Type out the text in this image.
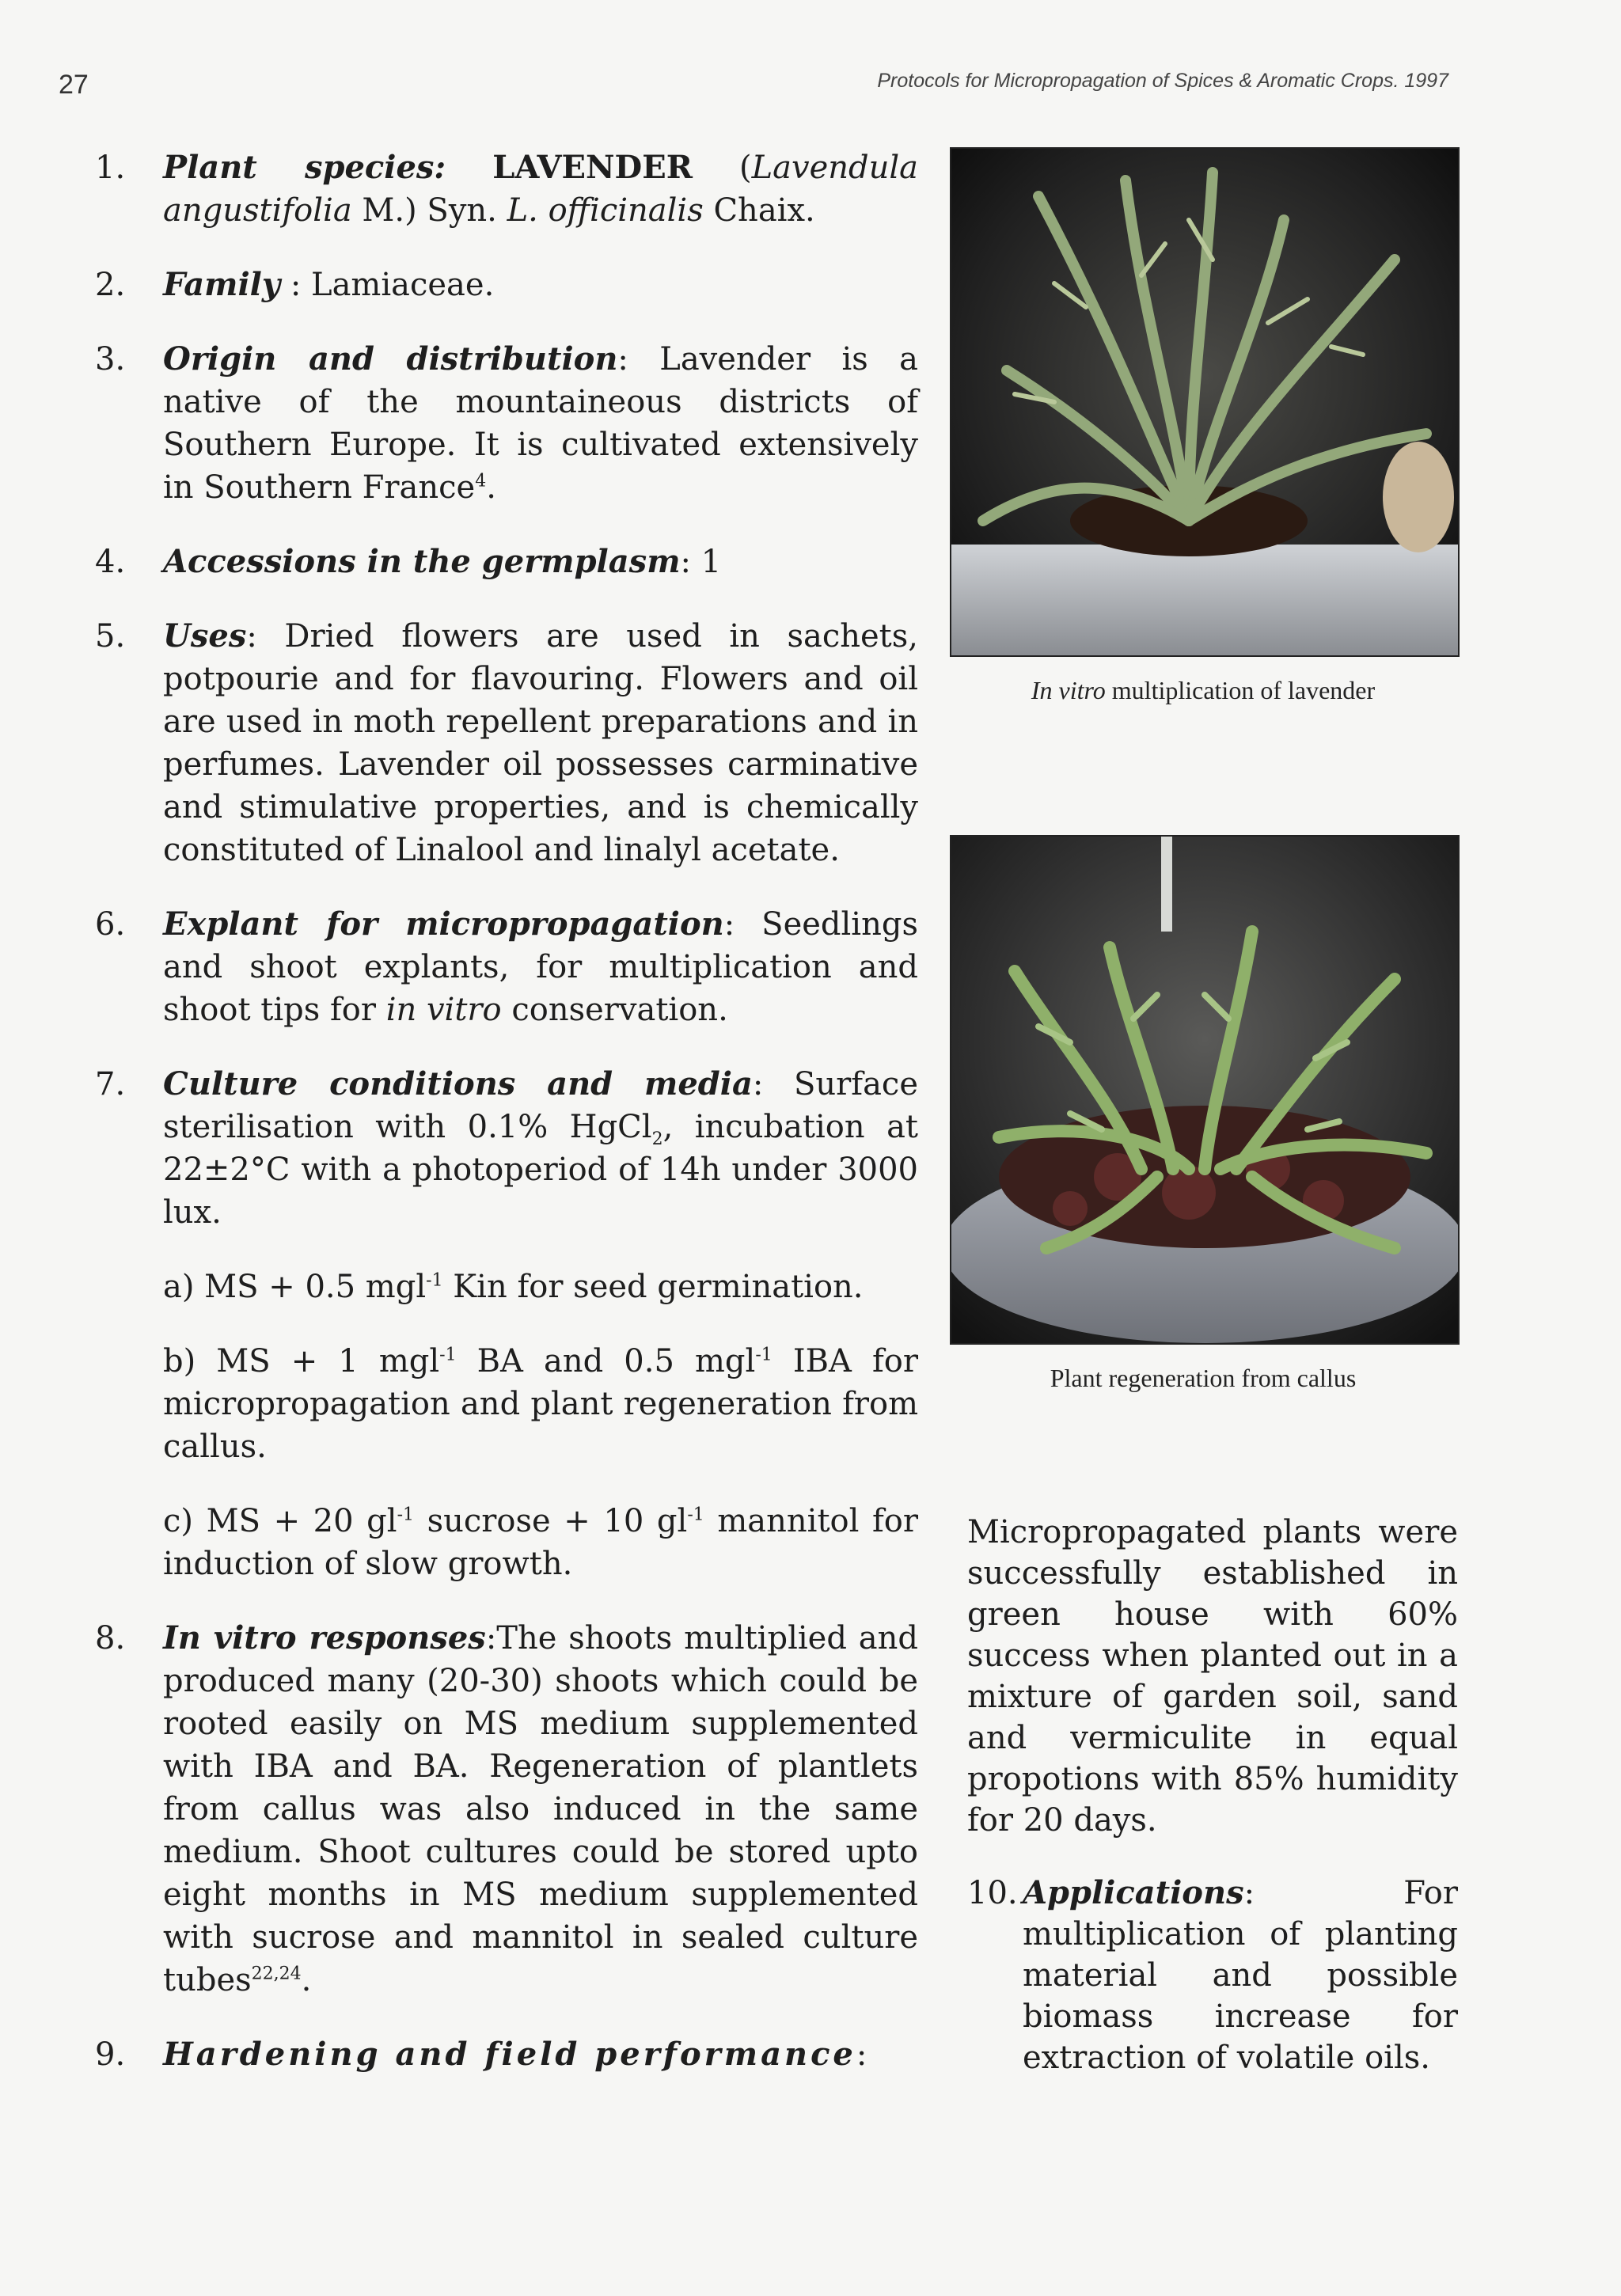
27	Protocols for Micropropagation of Spices & Aromatic Crops. 1997
1. Plant species: LAVENDER (Lavendula angustifolia M.) Syn. L. officinalis Chaix.
2. Family : Lamiaceae.
3. Origin and distribution: Lavender is a native of the mountaineous districts of Southern Europe. It is cultivated extensively in Southern France$^4$.
4. Accessions in the germplasm: 1
5. Uses: Dried flowers are used in sachets, potpourie and for flavouring. Flowers and oil are used in moth repellent preparations and in perfumes. Lavender oil possesses carminative and stimulative properties, and is chemically constituted of Linalool and linalyl acetate.
6. Explant for micropropagation: Seedlings and shoot explants, for multiplication and shoot tips for in vitro conservation.
7. Culture conditions and media: Surface sterilisation with 0.1% HgCl$_2$, incubation at 22±2°C with a photoperiod of 14h under 3000 lux.
a) MS + 0.5 mgl$^{-1}$ Kin for seed germination.
b) MS + 1 mgl$^{-1}$ BA and 0.5 mgl$^{-1}$ IBA for micropropagation and plant regeneration from callus.
c) MS + 20 $gl^{-1}$ sucrose + 10 $gl^{-1}$ mannitol for induction of slow growth.
8. In vitro responses:The shoots multiplied and produced many (20-30) shoots which could be rooted easily on MS medium supplemented with IBA and BA. Regeneration of plantlets from callus was also induced in the same medium. Shoot cultures could be stored upto eight months in MS medium supplemented with sucrose and mannitol in sealed culture tubes$^{22,24}$.
9. Hardening and field performance:
In vitro multiplication of lavender
Plant regeneration from callus
Micropropagated plants were successfully established in green house with 60% success when planted out in a mixture of garden soil, sand and vermiculite in equal propotions with 85% humidity for 20 days.
10. Applications: For multiplication of planting material and possible biomass increase for extraction of volatile oils.
